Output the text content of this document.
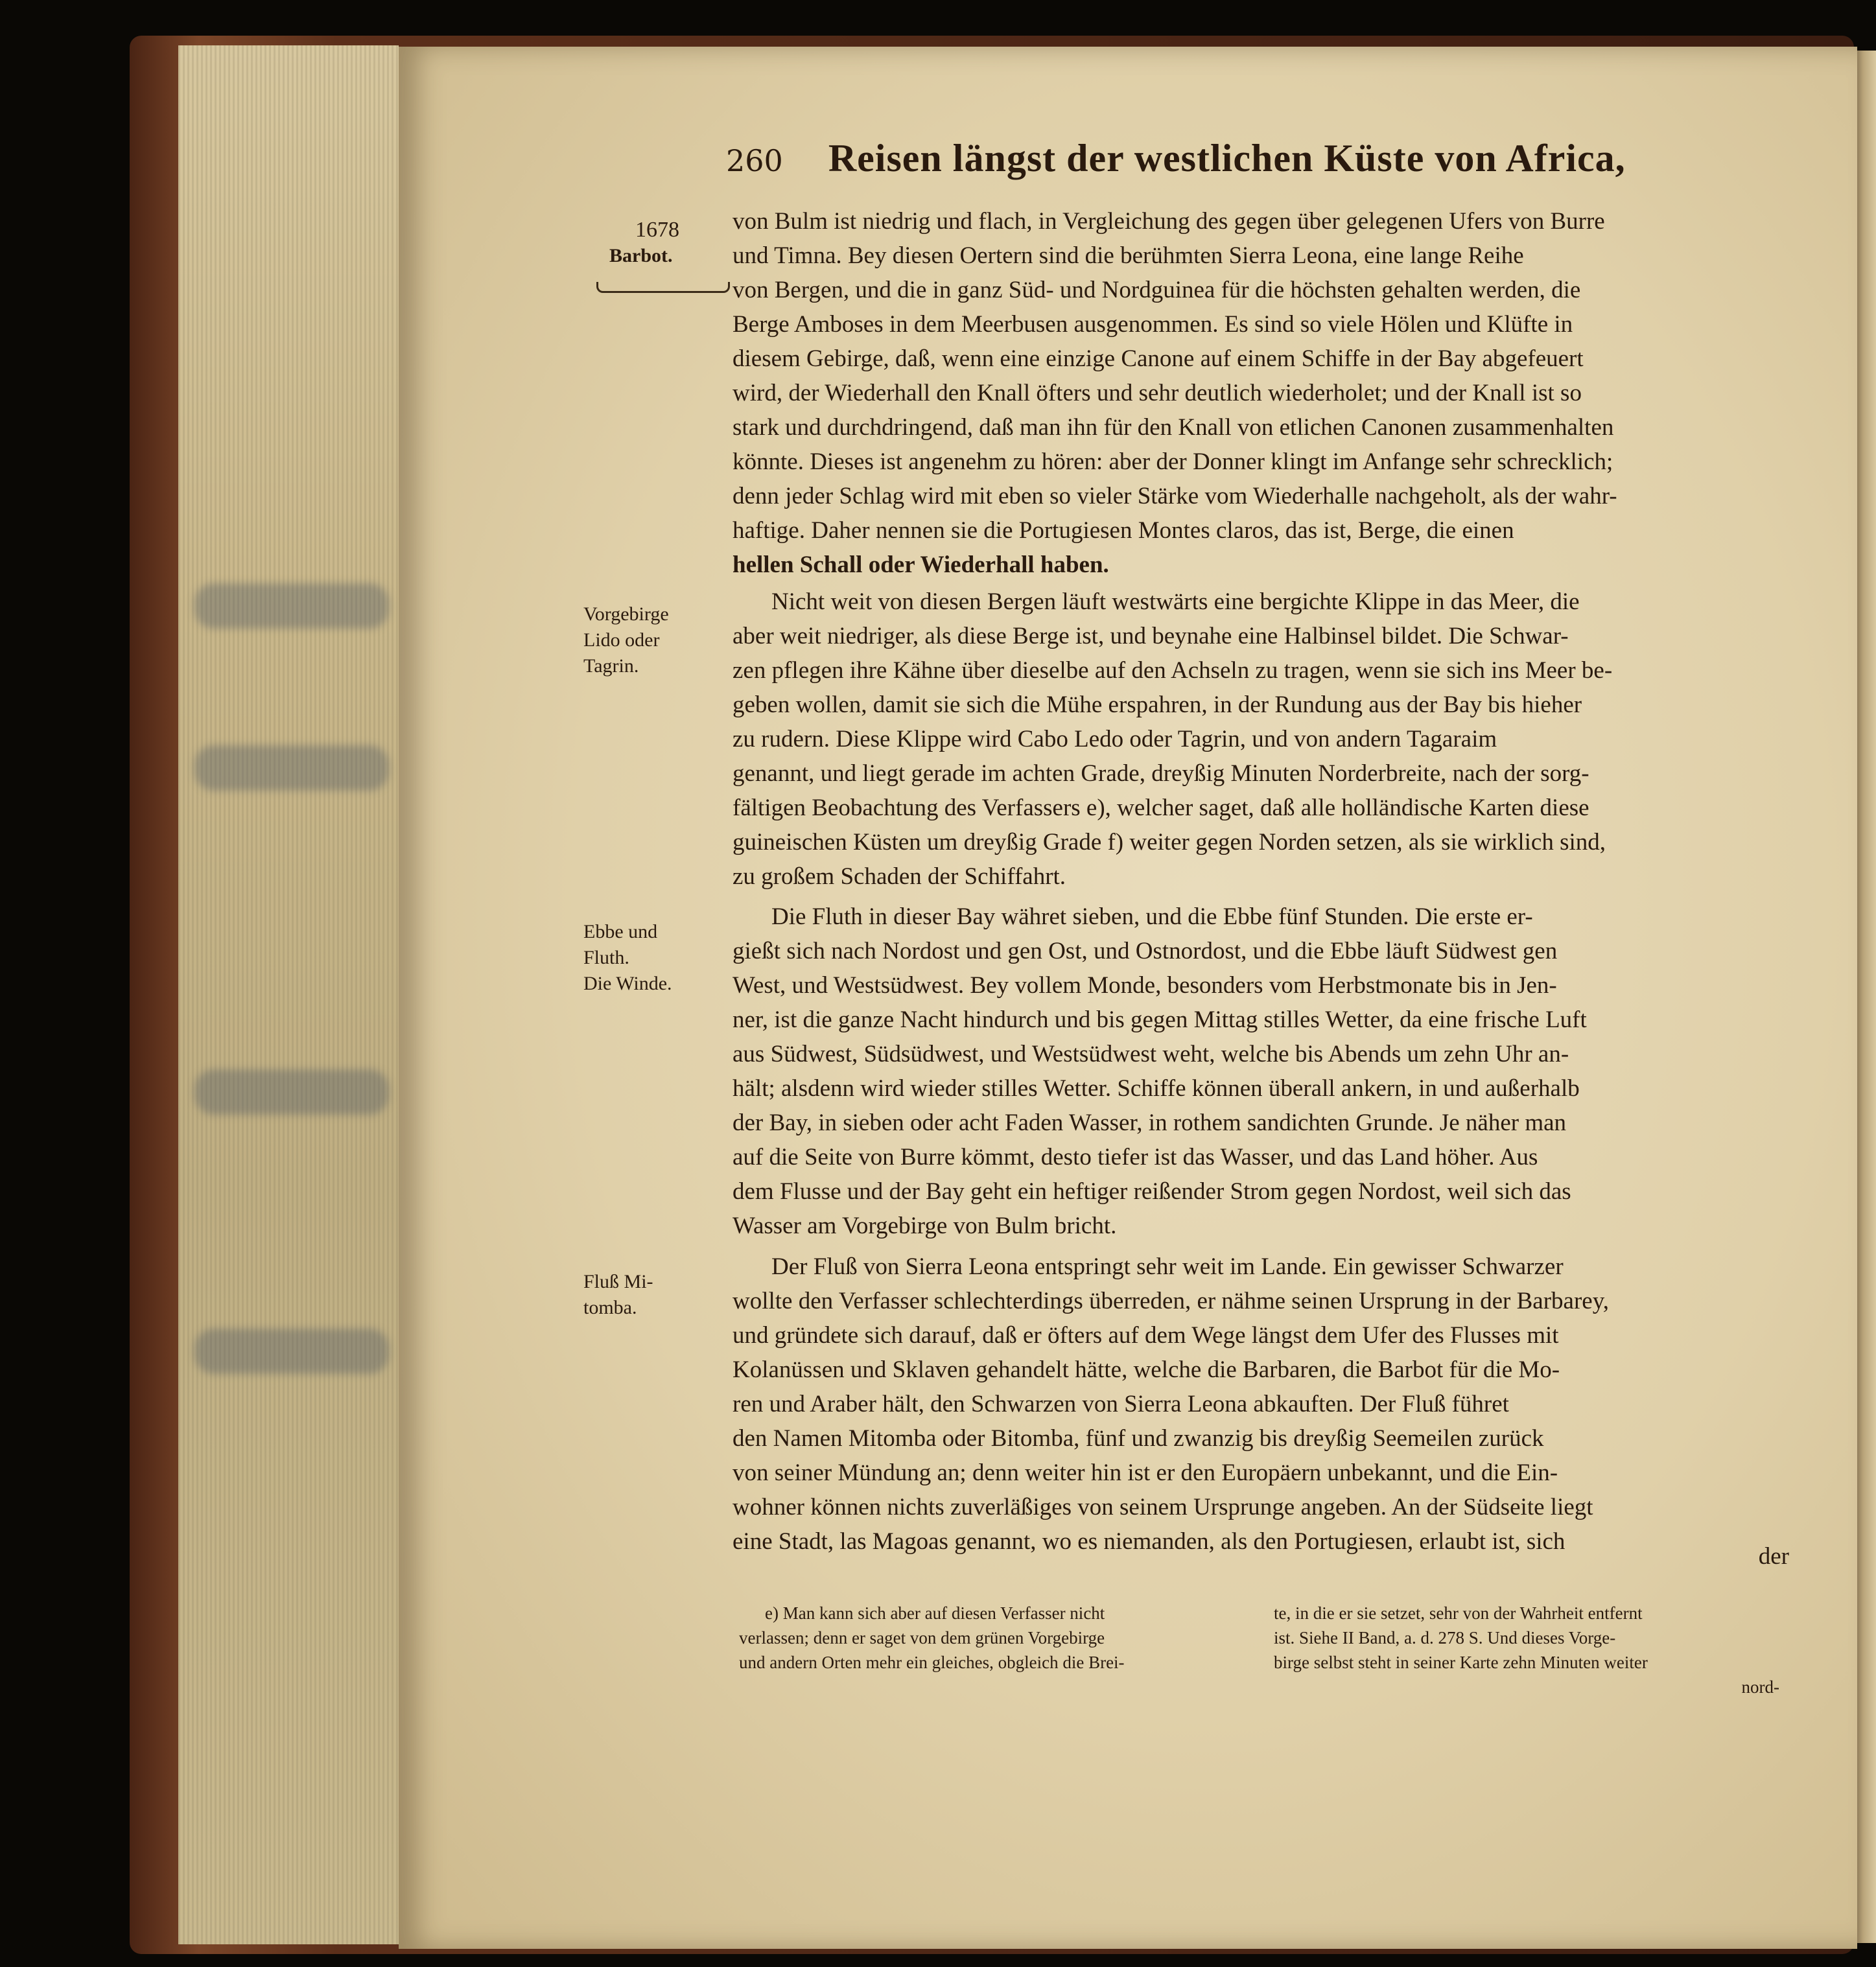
260 Reisen längst der westlichen Küste von Africa,
1678
Barbot.
Vorgebirge
Lido oder
Tagrin.
Ebbe und
Fluth.
Die Winde.
Fluß Mi-
tomba.
von Bulm ist niedrig und flach, in Vergleichung des gegen über gelegenen Ufers von Burre
und Timna. Bey diesen Oertern sind die berühmten Sierra Leona, eine lange Reihe
von Bergen, und die in ganz Süd- und Nordguinea für die höchsten gehalten werden, die
Berge Amboses in dem Meerbusen ausgenommen. Es sind so viele Hölen und Klüfte in
diesem Gebirge, daß, wenn eine einzige Canone auf einem Schiffe in der Bay abgefeuert
wird, der Wiederhall den Knall öfters und sehr deutlich wiederholet; und der Knall ist so
stark und durchdringend, daß man ihn für den Knall von etlichen Canonen zusammenhalten
könnte. Dieses ist angenehm zu hören: aber der Donner klingt im Anfange sehr schrecklich;
denn jeder Schlag wird mit eben so vieler Stärke vom Wiederhalle nachgeholt, als der wahr-
haftige. Daher nennen sie die Portugiesen Montes claros, das ist, Berge, die einen
hellen Schall oder Wiederhall haben.
Nicht weit von diesen Bergen läuft westwärts eine bergichte Klippe in das Meer, die
aber weit niedriger, als diese Berge ist, und beynahe eine Halbinsel bildet. Die Schwar-
zen pflegen ihre Kähne über dieselbe auf den Achseln zu tragen, wenn sie sich ins Meer be-
geben wollen, damit sie sich die Mühe erspahren, in der Rundung aus der Bay bis hieher
zu rudern. Diese Klippe wird Cabo Ledo oder Tagrin, und von andern Tagaraim
genannt, und liegt gerade im achten Grade, dreyßig Minuten Norderbreite, nach der sorg-
fältigen Beobachtung des Verfassers e), welcher saget, daß alle holländische Karten diese
guineischen Küsten um dreyßig Grade f) weiter gegen Norden setzen, als sie wirklich sind,
zu großem Schaden der Schiffahrt.
Die Fluth in dieser Bay währet sieben, und die Ebbe fünf Stunden. Die erste er-
gießt sich nach Nordost und gen Ost, und Ostnordost, und die Ebbe läuft Südwest gen
West, und Westsüdwest. Bey vollem Monde, besonders vom Herbstmonate bis in Jen-
ner, ist die ganze Nacht hindurch und bis gegen Mittag stilles Wetter, da eine frische Luft
aus Südwest, Südsüdwest, und Westsüdwest weht, welche bis Abends um zehn Uhr an-
hält; alsdenn wird wieder stilles Wetter. Schiffe können überall ankern, in und außerhalb
der Bay, in sieben oder acht Faden Wasser, in rothem sandichten Grunde. Je näher man
auf die Seite von Burre kömmt, desto tiefer ist das Wasser, und das Land höher. Aus
dem Flusse und der Bay geht ein heftiger reißender Strom gegen Nordost, weil sich das
Wasser am Vorgebirge von Bulm bricht.
Der Fluß von Sierra Leona entspringt sehr weit im Lande. Ein gewisser Schwarzer
wollte den Verfasser schlechterdings überreden, er nähme seinen Ursprung in der Barbarey,
und gründete sich darauf, daß er öfters auf dem Wege längst dem Ufer des Flusses mit
Kolanüssen und Sklaven gehandelt hätte, welche die Barbaren, die Barbot für die Mo-
ren und Araber hält, den Schwarzen von Sierra Leona abkauften. Der Fluß führet
den Namen Mitomba oder Bitomba, fünf und zwanzig bis dreyßig Seemeilen zurück
von seiner Mündung an; denn weiter hin ist er den Europäern unbekannt, und die Ein-
wohner können nichts zuverläßiges von seinem Ursprunge angeben. An der Südseite liegt
eine Stadt, las Magoas genannt, wo es niemanden, als den Portugiesen, erlaubt ist, sich
der
e) Man kann sich aber auf diesen Verfasser nicht
verlassen; denn er saget von dem grünen Vorgebirge
und andern Orten mehr ein gleiches, obgleich die Brei-
te, in die er sie setzet, sehr von der Wahrheit entfernt
ist. Siehe II Band, a. d. 278 S. Und dieses Vorge-
birge selbst steht in seiner Karte zehn Minuten weiter
nord-
